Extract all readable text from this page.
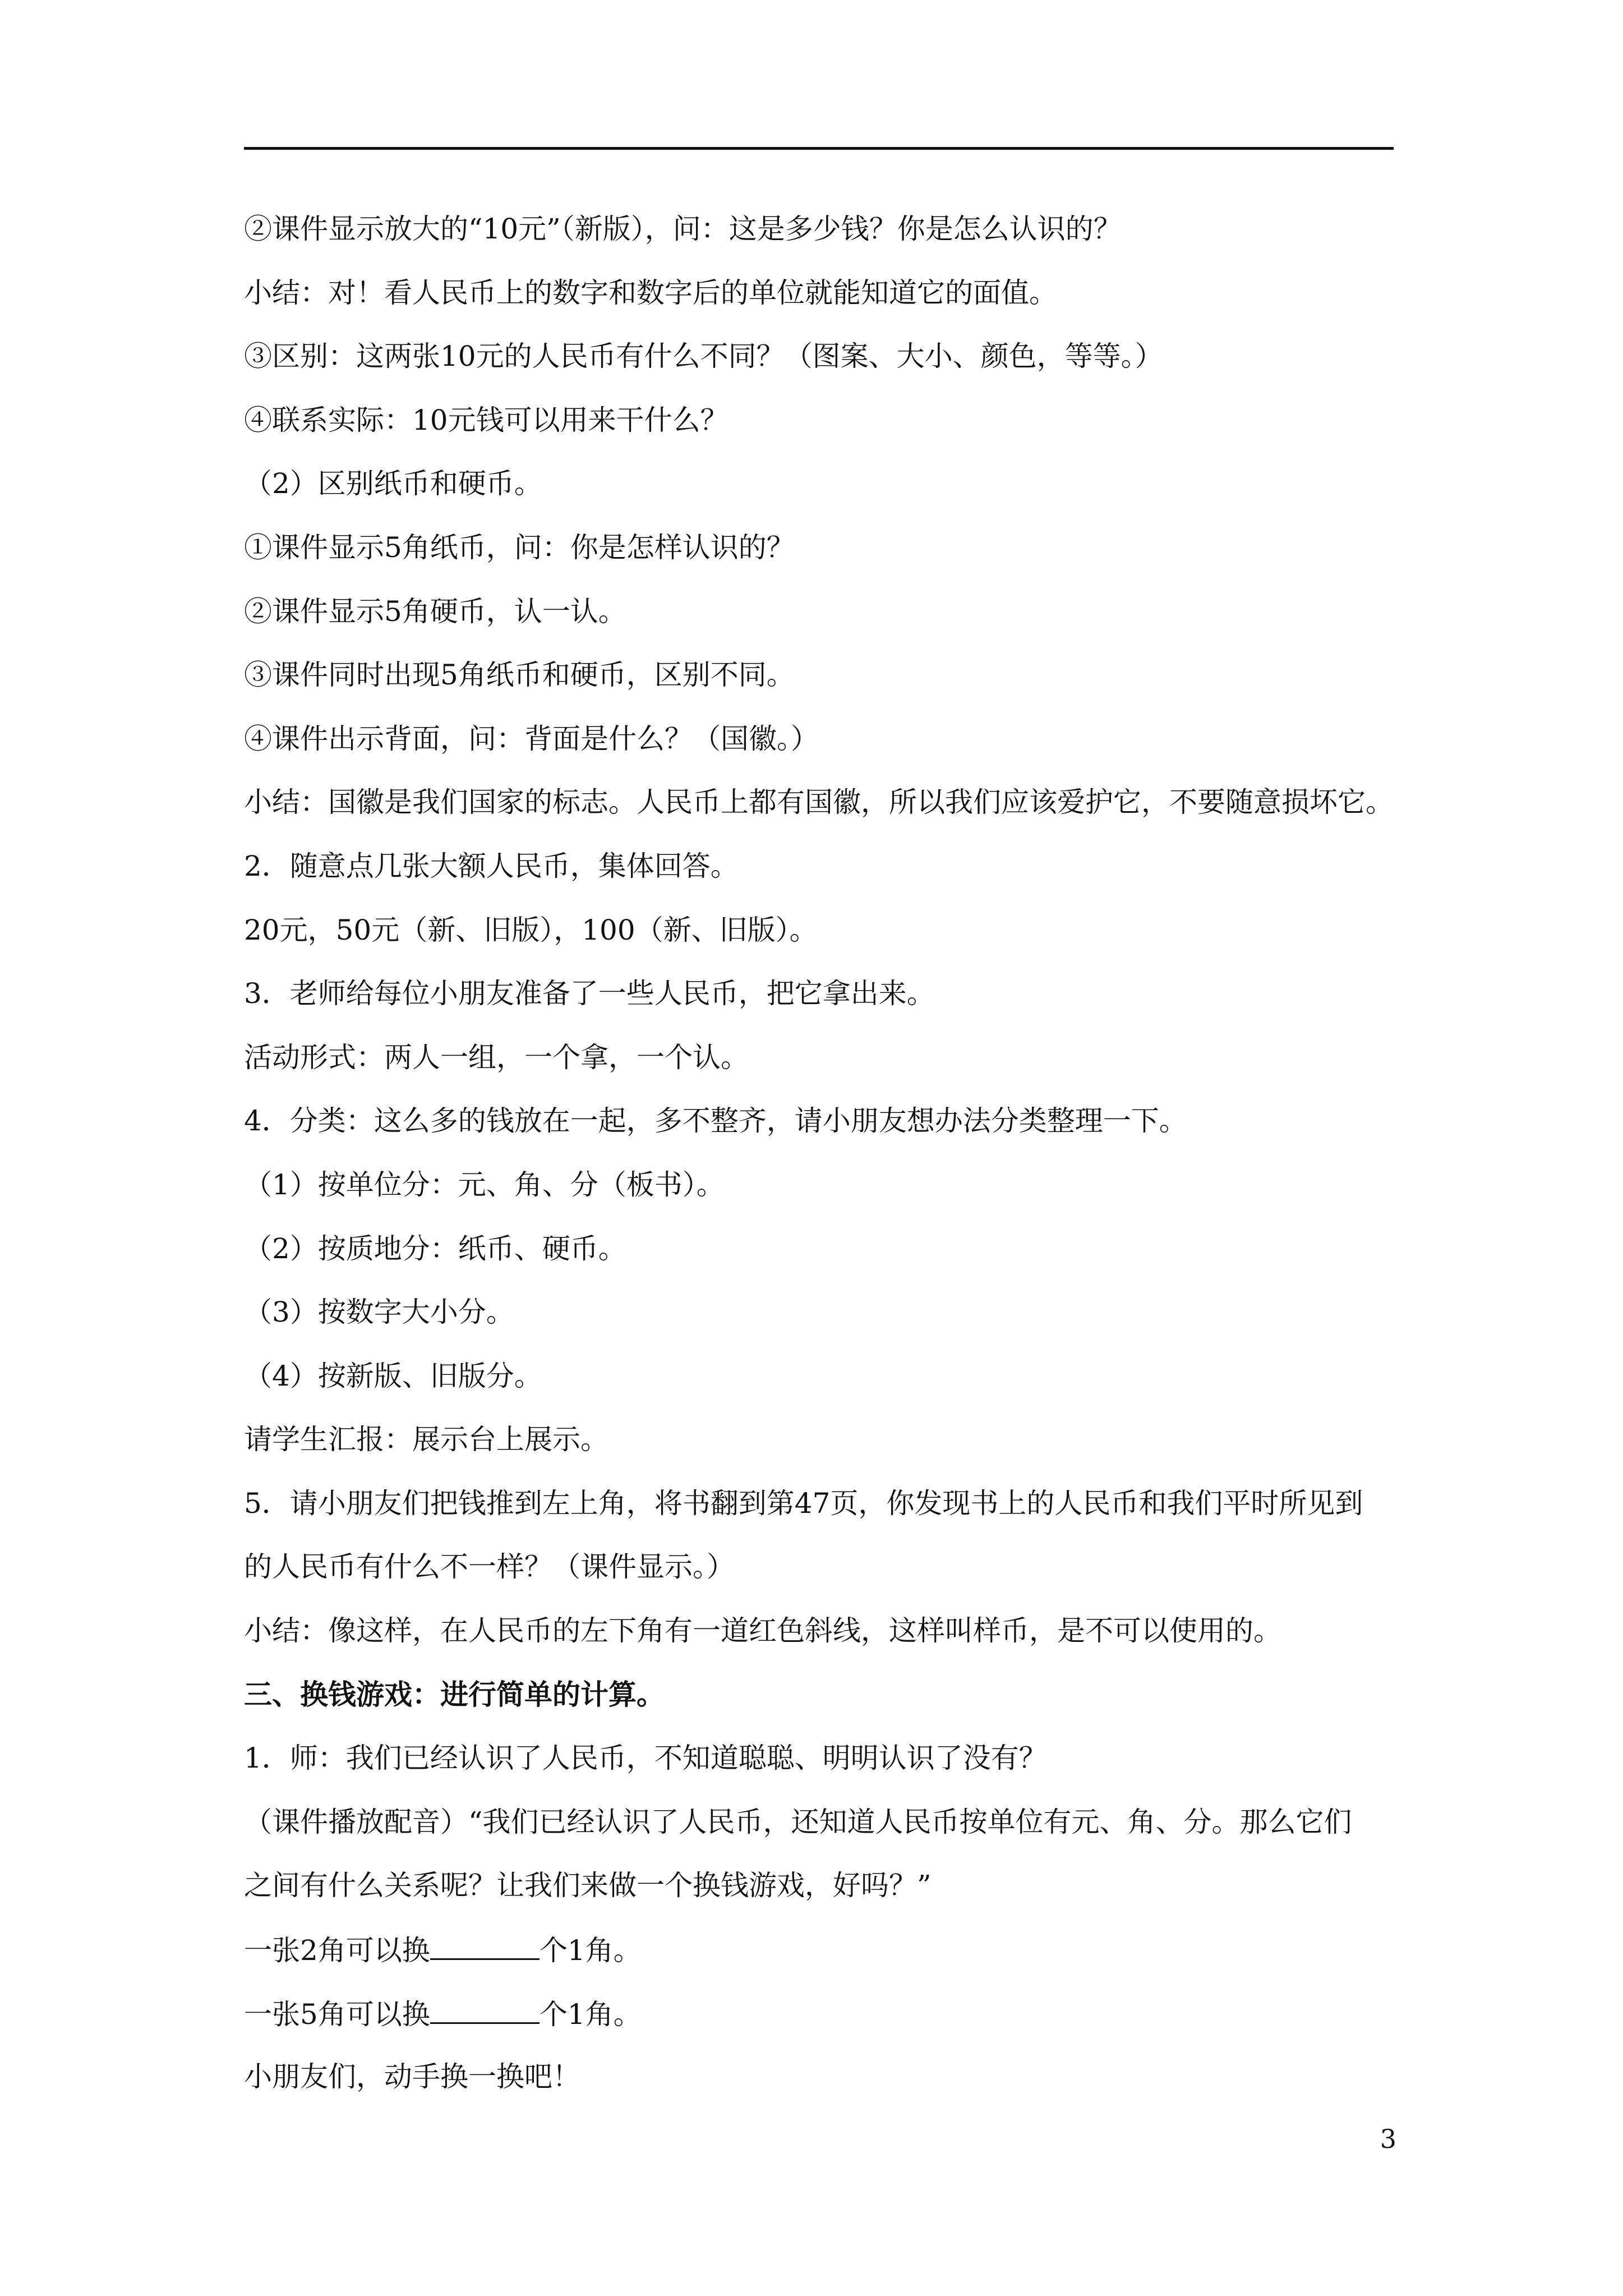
②课件显示放大的“10元”（新版），问：这是多少钱？你是怎么认识的？
小结：对！看人民币上的数字和数字后的单位就能知道它的面值。
③区别：这两张10元的人民币有什么不同？（图案、大小、颜色，等等。）
④联系实际：10元钱可以用来干什么？
（2）区别纸币和硬币。
①课件显示5角纸币，问：你是怎样认识的？
②课件显示5角硬币，认一认。
③课件同时出现5角纸币和硬币，区别不同。
④课件出示背面，问：背面是什么？（国徽。）
小结：国徽是我们国家的标志。人民币上都有国徽，所以我们应该爱护它，不要随意损坏它。
2．随意点几张大额人民币，集体回答。
20元，50元（新、旧版），100（新、旧版）。
3．老师给每位小朋友准备了一些人民币，把它拿出来。
活动形式：两人一组，一个拿，一个认。
4．分类：这么多的钱放在一起，多不整齐，请小朋友想办法分类整理一下。
（1）按单位分：元、角、分（板书）。
（2）按质地分：纸币、硬币。
（3）按数字大小分。
（4）按新版、旧版分。
请学生汇报：展示台上展示。
5．请小朋友们把钱推到左上角，将书翻到第47页，你发现书上的人民币和我们平时所见到
的人民币有什么不一样？（课件显示。）
小结：像这样，在人民币的左下角有一道红色斜线，这样叫样币，是不可以使用的。
三、换钱游戏：进行简单的计算。
1．师：我们已经认识了人民币，不知道聪聪、明明认识了没有？
（课件播放配音）“我们已经认识了人民币，还知道人民币按单位有元、角、分。那么它们
之间有什么关系呢？让我们来做一个换钱游戏，好吗？”
一张2角可以换	个1角。
一张5角可以换	个1角。
小朋友们，动手换一换吧！
3
